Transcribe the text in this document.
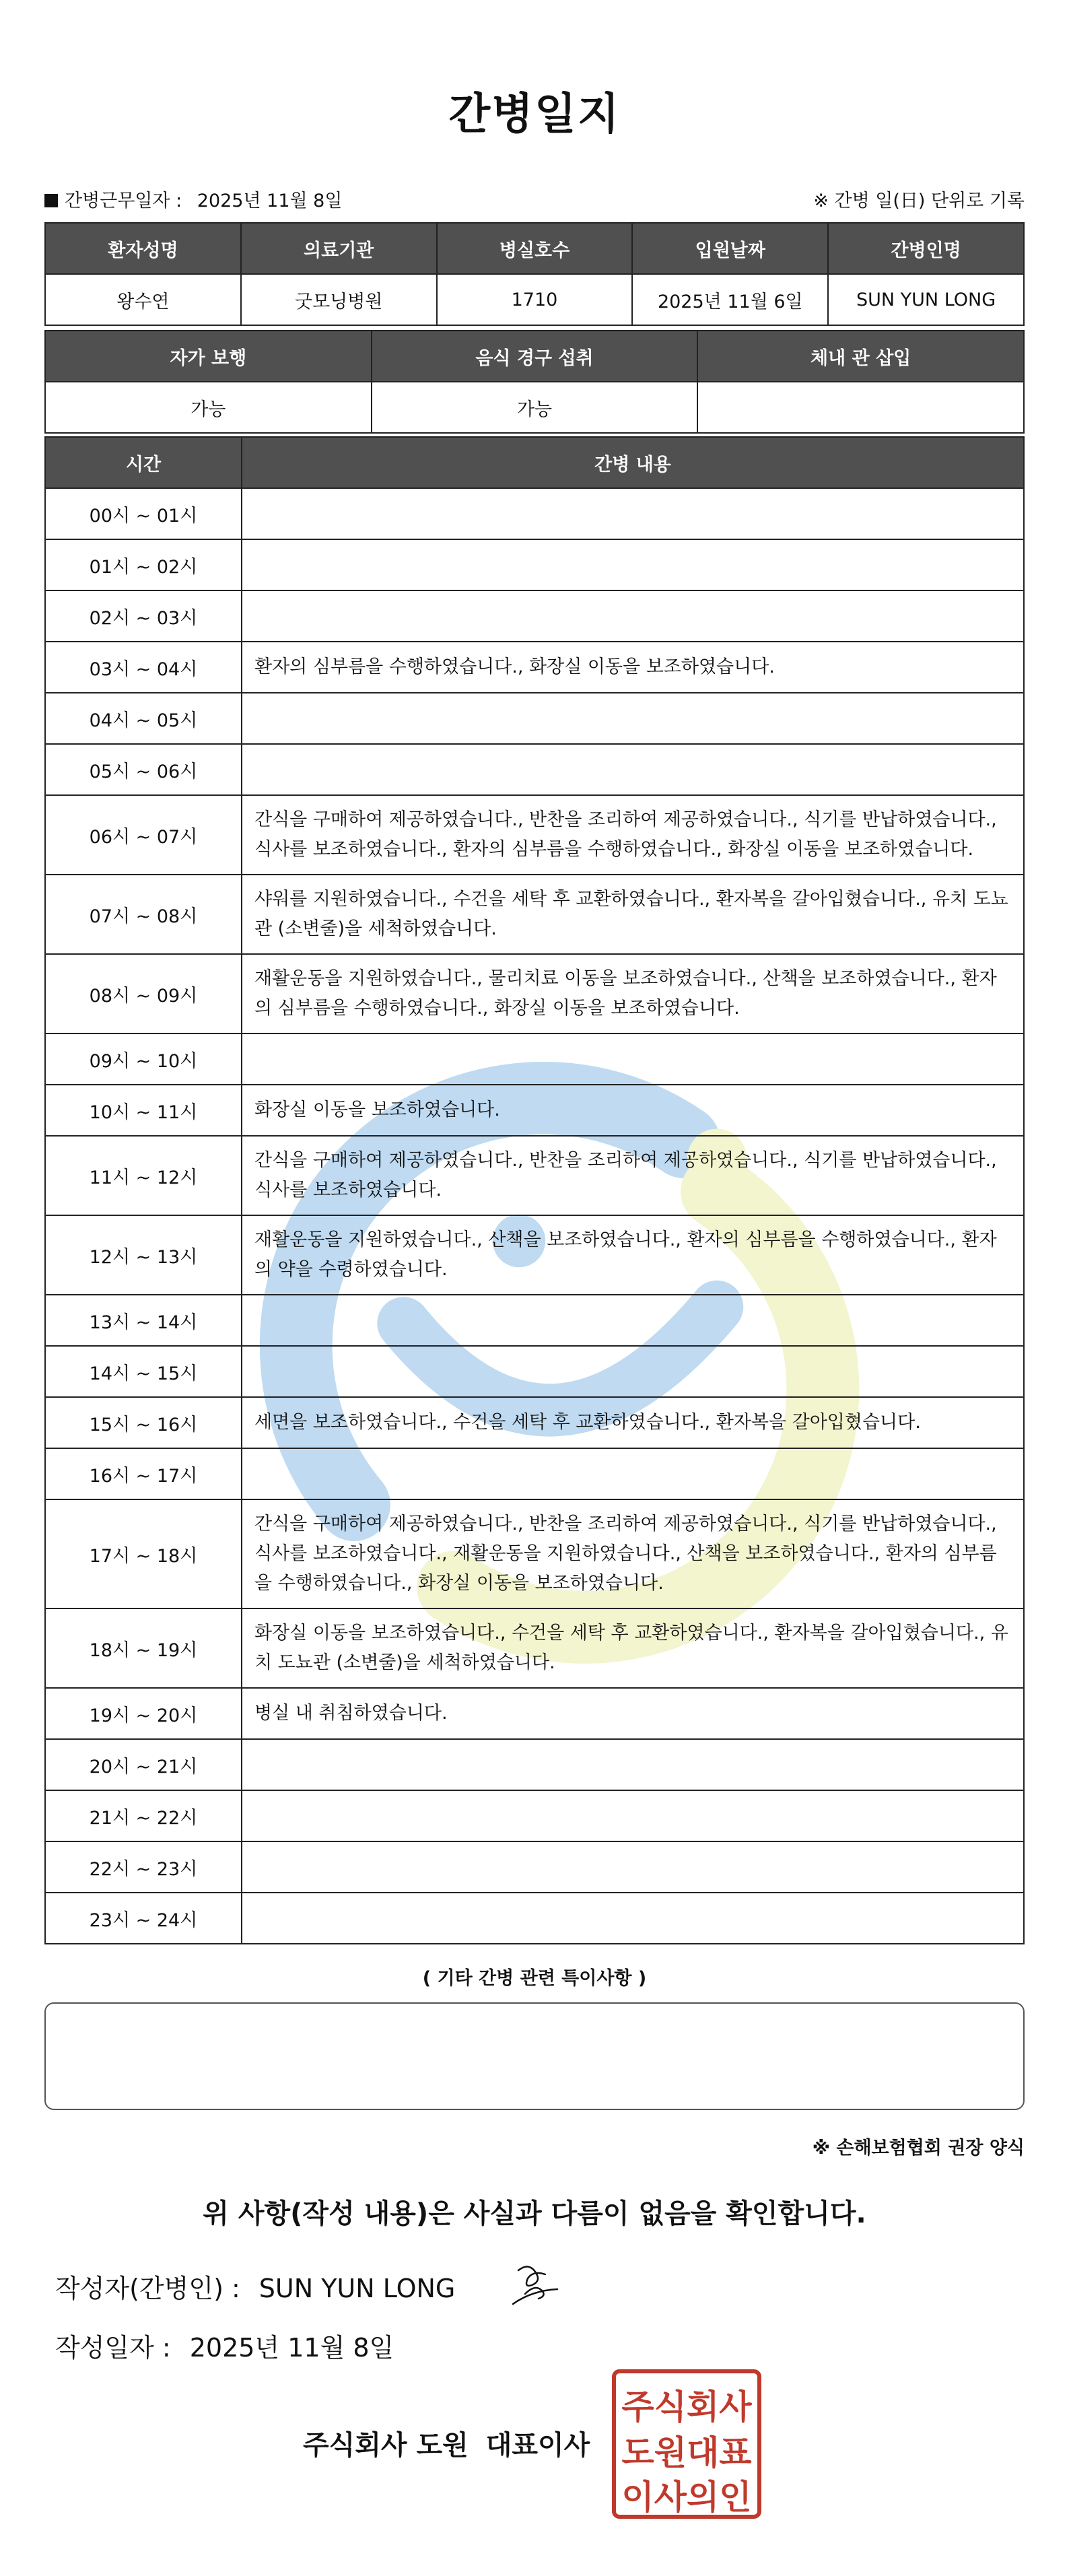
간병일지
간병근무일자 : 2025년 11월 8일	※ 간병 일(日) 단위로 기록
환자성명	의료기관	병실호수	입원날짜	간병인명
왕수연	굿모닝병원	1710	2025년 11월 6일	SUN YUN LONG
자가 보행	음식 경구 섭취	체내 관 삽입
가능	가능	
시간	간병 내용
00시 ~ 01시	
01시 ~ 02시	
02시 ~ 03시	
03시 ~ 04시	환자의 심부름을 수행하였습니다., 화장실 이동을 보조하였습니다.
04시 ~ 05시	
05시 ~ 06시	
06시 ~ 07시	간식을 구매하여 제공하였습니다., 반찬을 조리하여 제공하였습니다., 식기를 반납하였습니다., 식사를 보조하였습니다., 환자의 심부름을 수행하였습니다., 화장실 이동을 보조하였습니다.
07시 ~ 08시	샤워를 지원하였습니다., 수건을 세탁 후 교환하였습니다., 환자복을 갈아입혔습니다., 유치 도뇨관 (소변줄)을 세척하였습니다.
08시 ~ 09시	재활운동을 지원하였습니다., 물리치료 이동을 보조하였습니다., 산책을 보조하였습니다., 환자의 심부름을 수행하였습니다., 화장실 이동을 보조하였습니다.
09시 ~ 10시	
10시 ~ 11시	화장실 이동을 보조하였습니다.
11시 ~ 12시	간식을 구매하여 제공하였습니다., 반찬을 조리하여 제공하였습니다., 식기를 반납하였습니다., 식사를 보조하였습니다.
12시 ~ 13시	재활운동을 지원하였습니다., 산책을 보조하였습니다., 환자의 심부름을 수행하였습니다., 환자의 약을 수령하였습니다.
13시 ~ 14시	
14시 ~ 15시	
15시 ~ 16시	세면을 보조하였습니다., 수건을 세탁 후 교환하였습니다., 환자복을 갈아입혔습니다.
16시 ~ 17시	
17시 ~ 18시	간식을 구매하여 제공하였습니다., 반찬을 조리하여 제공하였습니다., 식기를 반납하였습니다., 식사를 보조하였습니다., 재활운동을 지원하였습니다., 산책을 보조하였습니다., 환자의 심부름을 수행하였습니다., 화장실 이동을 보조하였습니다.
18시 ~ 19시	화장실 이동을 보조하였습니다., 수건을 세탁 후 교환하였습니다., 환자복을 갈아입혔습니다., 유치 도뇨관 (소변줄)을 세척하였습니다.
19시 ~ 20시	병실 내 취침하였습니다.
20시 ~ 21시	
21시 ~ 22시	
22시 ~ 23시	
23시 ~ 24시	
( 기타 간병 관련 특이사항 )
※ 손해보험협회 권장 양식
위 사항(작성 내용)은 사실과 다름이 없음을 확인합니다.
작성자(간병인) : SUN YUN LONG
작성일자 : 2025년 11월 8일
주식회사 도원 대표이사
주식회사
도원대표
이사의인
